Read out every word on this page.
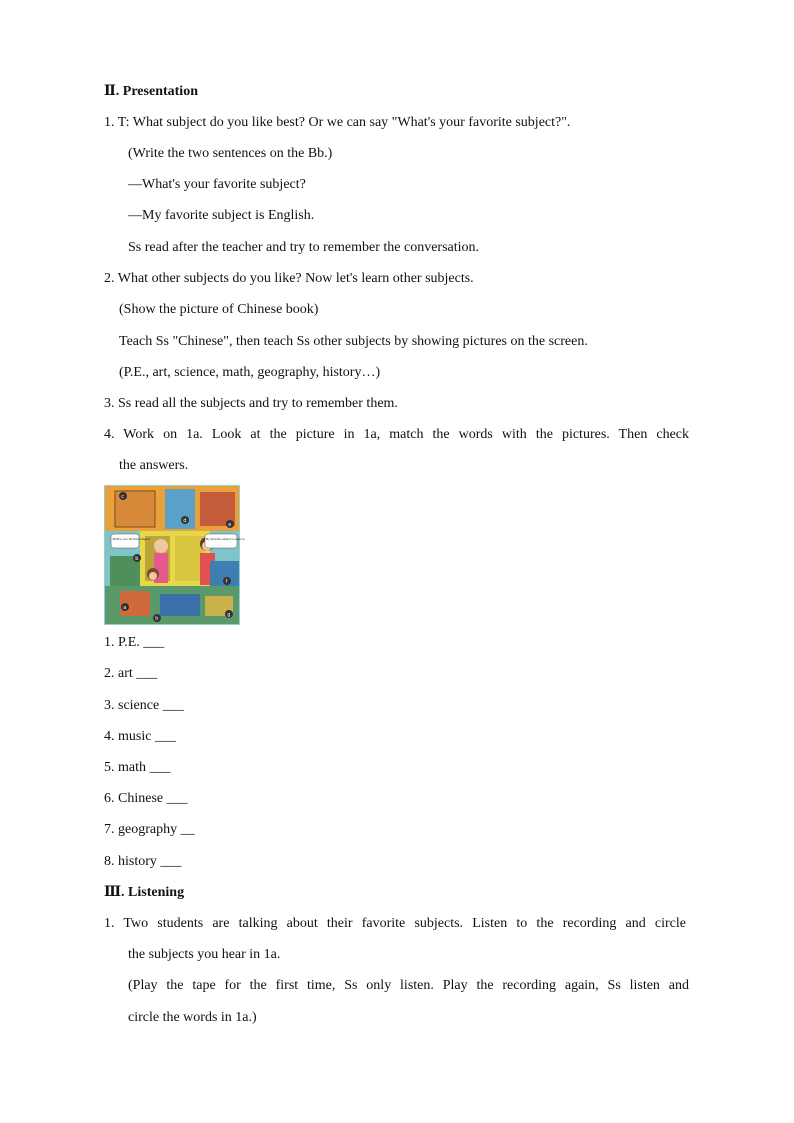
Ⅱ. Presentation
1. T: What subject do you like best? Or we can say "What's your favorite subject?".
(Write the two sentences on the Bb.)
—What's your favorite subject?
—My favorite subject is English.
Ss read after the teacher and try to remember the conversation.
2. What other subjects do you like? Now let's learn other subjects.
(Show the picture of Chinese book)
Teach Ss "Chinese", then teach Ss other subjects by showing pictures on the screen.
(P.E., art, science, math, geography, history…)
3. Ss read all the subjects and try to remember them.
4. Work on 1a. Look at the picture in 1a, match the words with the pictures. Then check
the answers.
What's your favorite subject?	My favorite subject is science.
c
d
e
b
a
f
g
h
1. P.E. ___
2. art ___
3. science ___
4. music ___
5. math ___
6. Chinese ___
7. geography __
8. history ___
Ⅲ. Listening
1. Two students are talking about their favorite subjects. Listen to the recording and circle
the subjects you hear in 1a.
(Play the tape for the first time, Ss only listen. Play the recording again, Ss listen and
circle the words in 1a.)
